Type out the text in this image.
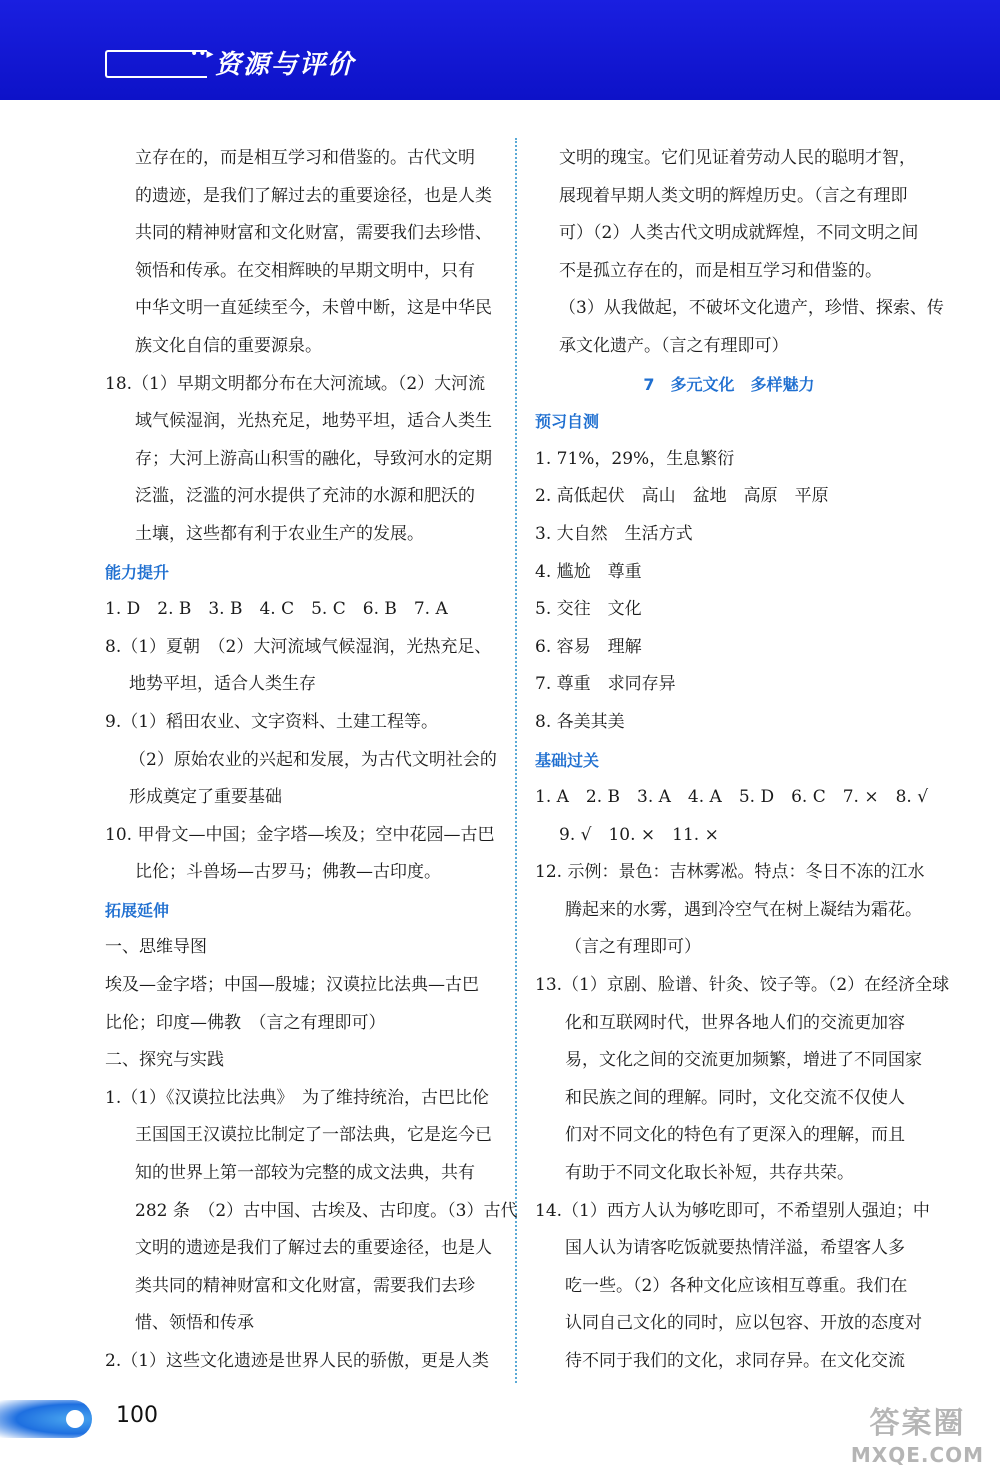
••▸ 资源与评价
立存在的，而是相互学习和借鉴的。古代文明
的遗迹，是我们了解过去的重要途径，也是人类
共同的精神财富和文化财富，需要我们去珍惜、
领悟和传承。在交相辉映的早期文明中，只有
中华文明一直延续至今，未曾中断，这是中华民
族文化自信的重要源泉。
18.（1）早期文明都分布在大河流域。（2）大河流
域气候湿润，光热充足，地势平坦，适合人类生
存；大河上游高山积雪的融化，导致河水的定期
泛滥，泛滥的河水提供了充沛的水源和肥沃的
土壤，这些都有利于农业生产的发展。
能力提升
1. D　2. B　3. B　4. C　5. C　6. B　7. A
8.（1）夏朝　（2）大河流域气候湿润，光热充足、
地势平坦，适合人类生存
9.（1）稻田农业、文字资料、土建工程等。
（2）原始农业的兴起和发展，为古代文明社会的
形成奠定了重要基础
10. 甲骨文—中国；金字塔—埃及；空中花园—古巴
比伦；斗兽场—古罗马；佛教—古印度。
拓展延伸
一、思维导图
埃及—金字塔；中国—殷墟；汉谟拉比法典—古巴
比伦；印度—佛教　（言之有理即可）
二、探究与实践
1.（1）《汉谟拉比法典》　为了维持统治，古巴比伦
王国国王汉谟拉比制定了一部法典，它是迄今已
知的世界上第一部较为完整的成文法典，共有
282 条　（2）古中国、古埃及、古印度。（3）古代
文明的遗迹是我们了解过去的重要途径，也是人
类共同的精神财富和文化财富，需要我们去珍
惜、领悟和传承
2.（1）这些文化遗迹是世界人民的骄傲，更是人类
文明的瑰宝。它们见证着劳动人民的聪明才智，
展现着早期人类文明的辉煌历史。（言之有理即
可）（2）人类古代文明成就辉煌，不同文明之间
不是孤立存在的，而是相互学习和借鉴的。
（3）从我做起，不破坏文化遗产，珍惜、探索、传
承文化遗产。（言之有理即可）
7　多元文化　多样魅力
预习自测
1. 71%，29%，生息繁衍
2. 高低起伏　高山　盆地　高原　平原
3. 大自然　生活方式
4. 尴尬　尊重
5. 交往　文化
6. 容易　理解
7. 尊重　求同存异
8. 各美其美
基础过关
1. A　2. B　3. A　4. A　5. D　6. C　7. ×　8. √
9. √　10. ×　11. ×
12. 示例：景色：吉林雾凇。特点：冬日不冻的江水
腾起来的水雾，遇到冷空气在树上凝结为霜花。
（言之有理即可）
13.（1）京剧、脸谱、针灸、饺子等。（2）在经济全球
化和互联网时代，世界各地人们的交流更加容
易，文化之间的交流更加频繁，增进了不同国家
和民族之间的理解。同时，文化交流不仅使人
们对不同文化的特色有了更深入的理解，而且
有助于不同文化取长补短，共存共荣。
14.（1）西方人认为够吃即可，不希望别人强迫；中
国人认为请客吃饭就要热情洋溢，希望客人多
吃一些。（2）各种文化应该相互尊重。我们在
认同自己文化的同时，应以包容、开放的态度对
待不同于我们的文化，求同存异。在文化交流
100	答案圈
MXQE.COM
